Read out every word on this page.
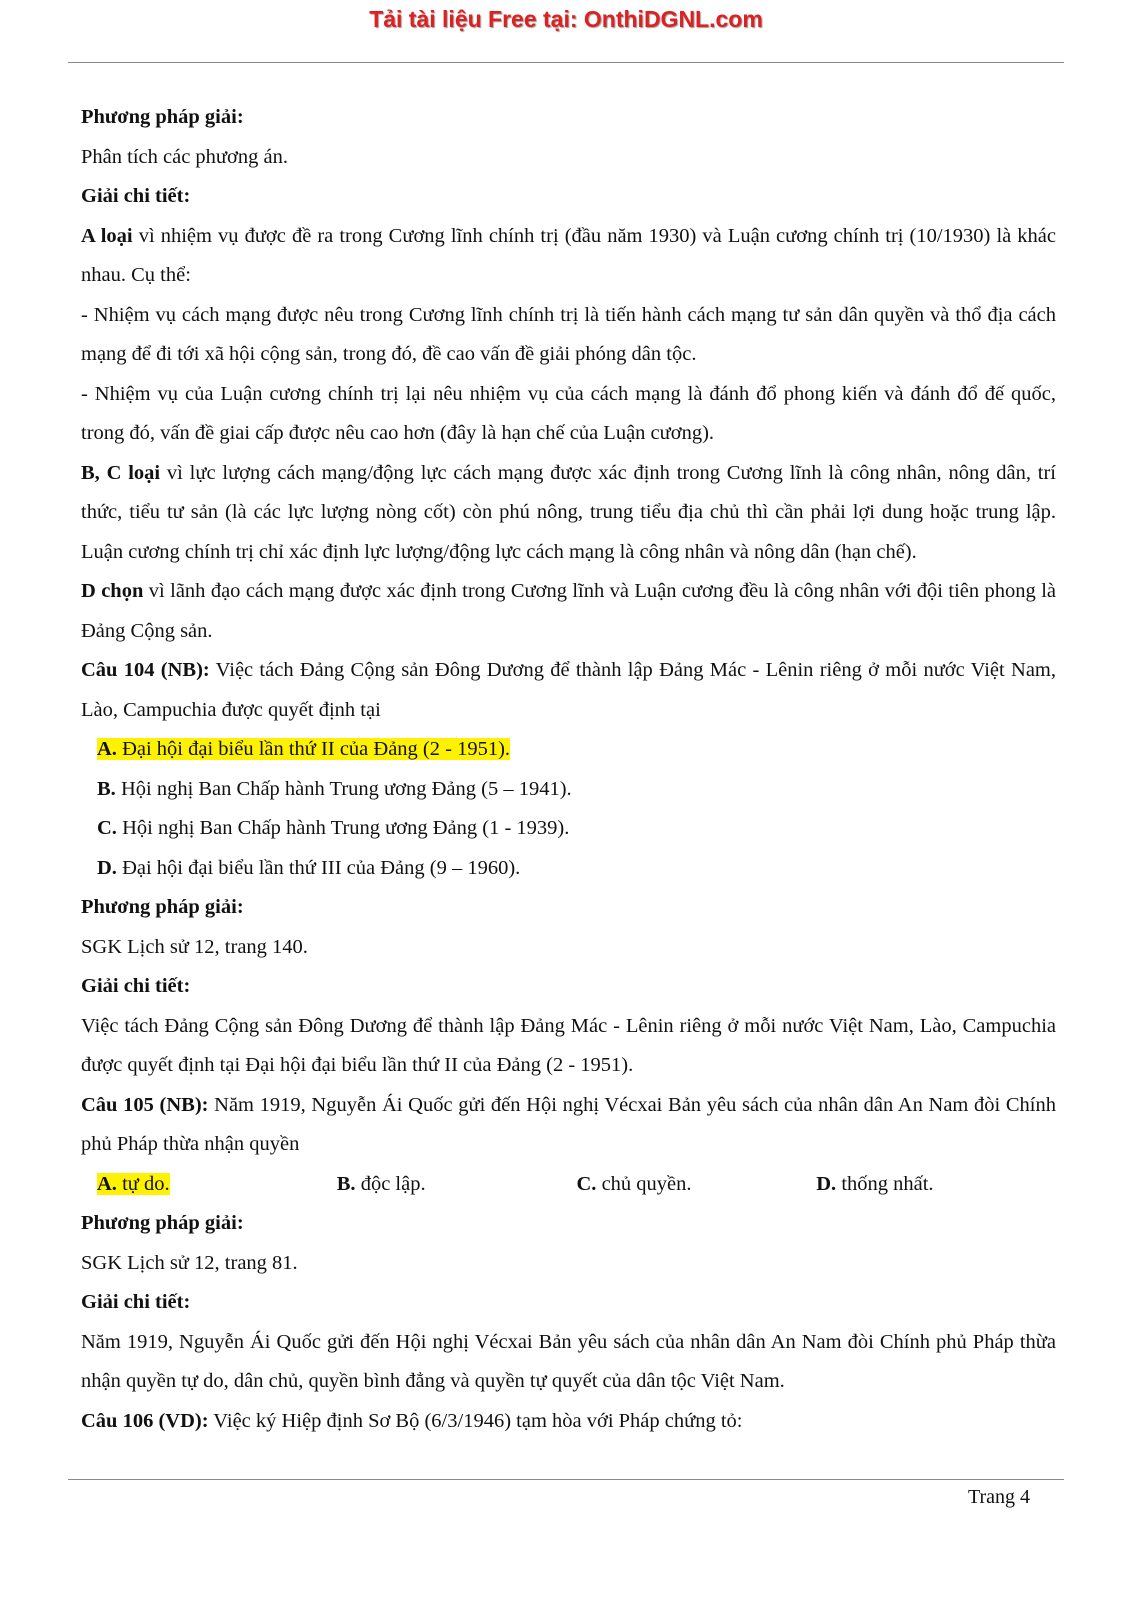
Tải tài liệu Free tại: OnthiDGNL.com

Phương pháp giải:

Phân tích các phương án.

Giải chi tiết:

A loại vì nhiệm vụ được đề ra trong Cương lĩnh chính trị (đầu năm 1930) và Luận cương chính trị (10/1930) là khác nhau. Cụ thể:

- Nhiệm vụ cách mạng được nêu trong Cương lĩnh chính trị là tiến hành cách mạng tư sản dân quyền và thổ địa cách mạng để đi tới xã hội cộng sản, trong đó, đề cao vấn đề giải phóng dân tộc.

- Nhiệm vụ của Luận cương chính trị lại nêu nhiệm vụ của cách mạng là đánh đổ phong kiến và đánh đổ đế quốc, trong đó, vấn đề giai cấp được nêu cao hơn (đây là hạn chế của Luận cương).

B, C loại vì lực lượng cách mạng/động lực cách mạng được xác định trong Cương lĩnh là công nhân, nông dân, trí thức, tiểu tư sản (là các lực lượng nòng cốt) còn phú nông, trung tiểu địa chủ thì cần phải lợi dung hoặc trung lập. Luận cương chính trị chỉ xác định lực lượng/động lực cách mạng là công nhân và nông dân (hạn chế).

D chọn vì lãnh đạo cách mạng được xác định trong Cương lĩnh và Luận cương đều là công nhân với đội tiên phong là Đảng Cộng sản.

Câu 104 (NB): Việc tách Đảng Cộng sản Đông Dương để thành lập Đảng Mác - Lênin riêng ở mỗi nước Việt Nam, Lào, Campuchia được quyết định tại

A. Đại hội đại biểu lần thứ II của Đảng (2 - 1951).

B. Hội nghị Ban Chấp hành Trung ương Đảng (5 – 1941).

C. Hội nghị Ban Chấp hành Trung ương Đảng (1 - 1939).

D. Đại hội đại biểu lần thứ III của Đảng (9 – 1960).

Phương pháp giải:

SGK Lịch sử 12, trang 140.

Giải chi tiết:

Việc tách Đảng Cộng sản Đông Dương để thành lập Đảng Mác - Lênin riêng ở mỗi nước Việt Nam, Lào, Campuchia được quyết định tại Đại hội đại biểu lần thứ II của Đảng (2 - 1951).

Câu 105 (NB): Năm 1919, Nguyễn Ái Quốc gửi đến Hội nghị Vécxai Bản yêu sách của nhân dân An Nam đòi Chính phủ Pháp thừa nhận quyền

A. tự do.	B. độc lập.	C. chủ quyền.	D. thống nhất.

Phương pháp giải:

SGK Lịch sử 12, trang 81.

Giải chi tiết:

Năm 1919, Nguyễn Ái Quốc gửi đến Hội nghị Vécxai Bản yêu sách của nhân dân An Nam đòi Chính phủ Pháp thừa nhận quyền tự do, dân chủ, quyền bình đẳng và quyền tự quyết của dân tộc Việt Nam.

Câu 106 (VD): Việc ký Hiệp định Sơ Bộ (6/3/1946) tạm hòa với Pháp chứng tỏ:

Trang 4
